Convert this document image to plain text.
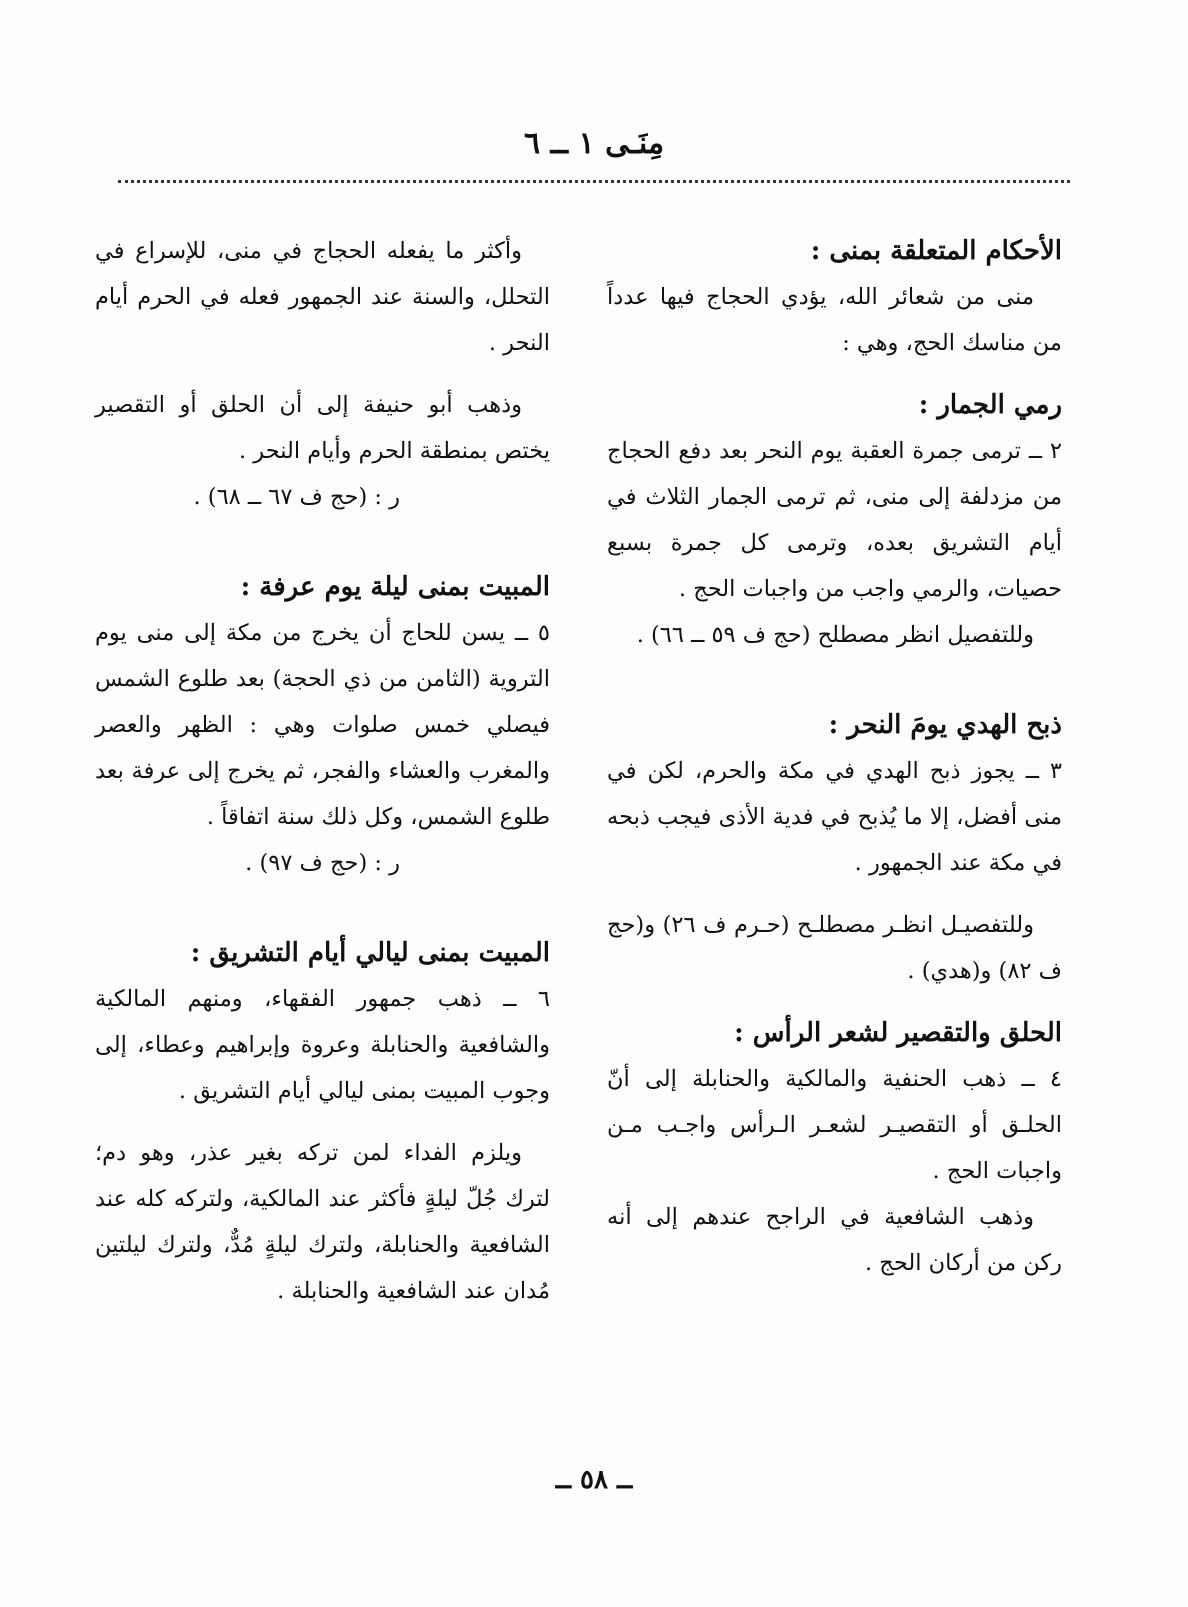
مِنَـى ١ ــ ٦

الأحكام المتعلقة بمنى :

منى من شعائر الله، يؤدي الحجاج فيها عدداً من مناسك الحج، وهي :

رمي الجمار :

٢ ــ ترمى جمرة العقبة يوم النحر بعد دفع الحجاج من مزدلفة إلى منى، ثم ترمى الجمار الثلاث في أيام التشريق بعده، وترمى كل جمرة بسبع حصيات، والرمي واجب من واجبات الحج .

وللتفصيل انظر مصطلح (حج ف ٥٩ ــ ٦٦) .

ذبح الهدي يومَ النحر :

٣ ــ يجوز ذبح الهدي في مكة والحرم، لكن في منى أفضل، إلا ما يُذبح في فدية الأذى فيجب ذبحه في مكة عند الجمهور .

وللتفصيـل انظـر مصطلـح (حـرم ف ٢٦) و(حج ف ٨٢) و(هدي) .

الحلق والتقصير لشعر الرأس :

٤ ــ ذهب الحنفية والمالكية والحنابلة إلى أنّ الحلـق أو التقصيـر لشعـر الـرأس واجـب مـن واجبات الحج .

وذهب الشافعية في الراجح عندهم إلى أنه ركن من أركان الحج .

وأكثر ما يفعله الحجاج في منى، للإسراع في التحلل، والسنة عند الجمهور فعله في الحرم أيام النحر .

وذهب أبو حنيفة إلى أن الحلق أو التقصير يختص بمنطقة الحرم وأيام النحر .

ر : (حج ف ٦٧ ــ ٦٨) .

المبيت بمنى ليلة يوم عرفة :

٥ ــ يسن للحاج أن يخرج من مكة إلى منى يوم التروية (الثامن من ذي الحجة) بعد طلوع الشمس فيصلي خمس صلوات وهي : الظهر والعصر والمغرب والعشاء والفجر، ثم يخرج إلى عرفة بعد طلوع الشمس، وكل ذلك سنة اتفاقاً .

ر : (حج ف ٩٧) .

المبيت بمنى ليالي أيام التشريق :

٦ ــ ذهب جمهور الفقهاء، ومنهم المالكية والشافعية والحنابلة وعروة وإبراهيم وعطاء، إلى وجوب المبيت بمنى ليالي أيام التشريق .

ويلزم الفداء لمن تركه بغير عذر، وهو دم؛ لترك جُلّ ليلةٍ فأكثر عند المالكية، ولتركه كله عند الشافعية والحنابلة، ولترك ليلةٍ مُدٌّ، ولترك ليلتين مُدان عند الشافعية والحنابلة .

ــ ٥٨ ــ
